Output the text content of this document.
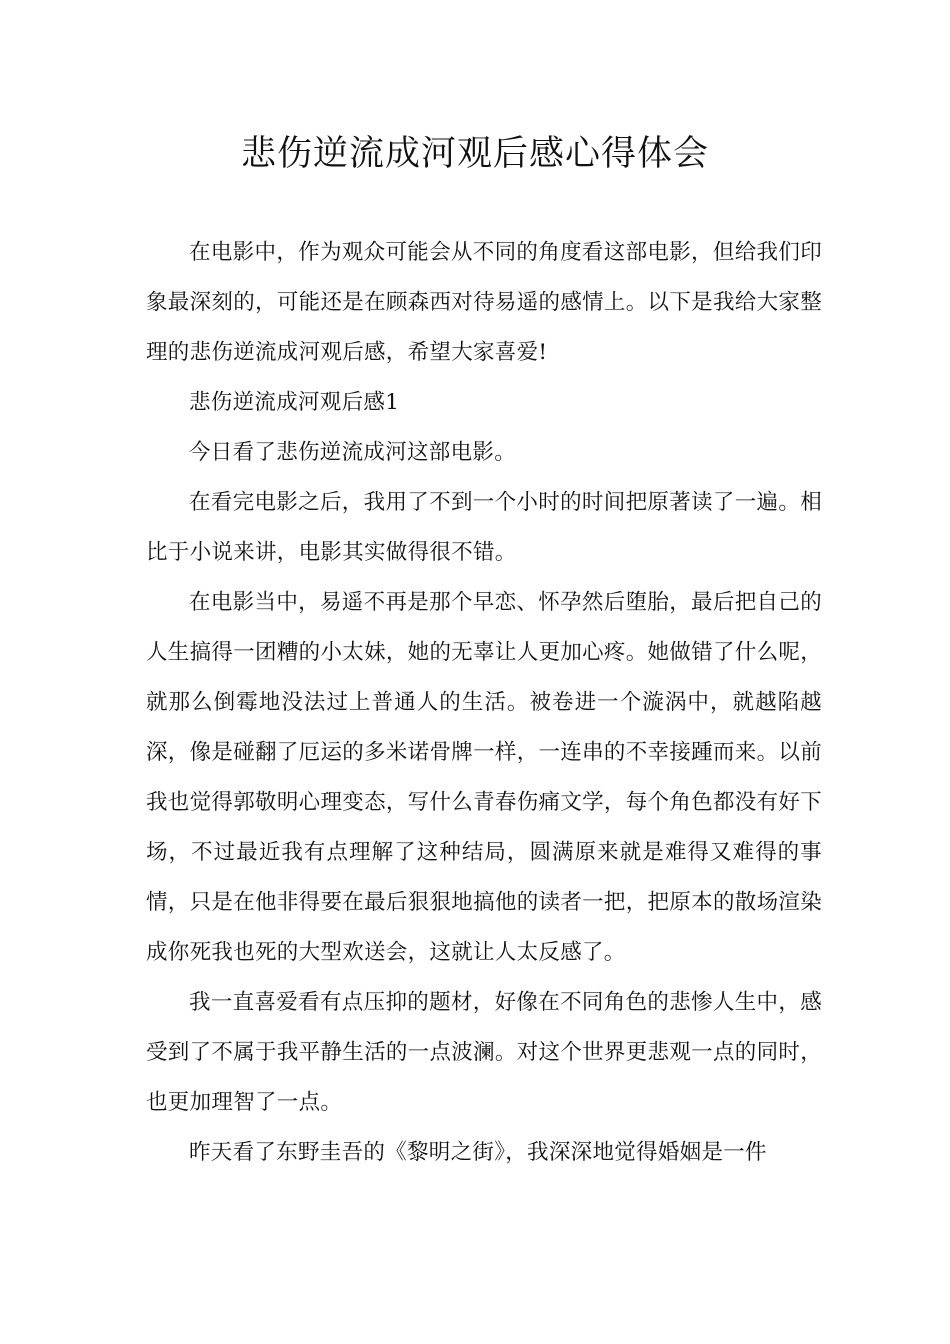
悲伤逆流成河观后感心得体会

在电影中，作为观众可能会从不同的角度看这部电影，但给我们印象最深刻的，可能还是在顾森西对待易遥的感情上。以下是我给大家整理的悲伤逆流成河观后感，希望大家喜爱!

悲伤逆流成河观后感1

今日看了悲伤逆流成河这部电影。

在看完电影之后，我用了不到一个小时的时间把原著读了一遍。相比于小说来讲，电影其实做得很不错。

在电影当中，易遥不再是那个早恋、怀孕然后堕胎，最后把自己的人生搞得一团糟的小太妹，她的无辜让人更加心疼。她做错了什么呢，就那么倒霉地没法过上普通人的生活。被卷进一个漩涡中，就越陷越深，像是碰翻了厄运的多米诺骨牌一样，一连串的不幸接踵而来。以前我也觉得郭敬明心理变态，写什么青春伤痛文学，每个角色都没有好下场，不过最近我有点理解了这种结局，圆满原来就是难得又难得的事情，只是在他非得要在最后狠狠地搞他的读者一把，把原本的散场渲染成你死我也死的大型欢送会，这就让人太反感了。

我一直喜爱看有点压抑的题材，好像在不同角色的悲惨人生中，感受到了不属于我平静生活的一点波澜。对这个世界更悲观一点的同时，也更加理智了一点。

昨天看了东野圭吾的《黎明之街》，我深深地觉得婚姻是一件
